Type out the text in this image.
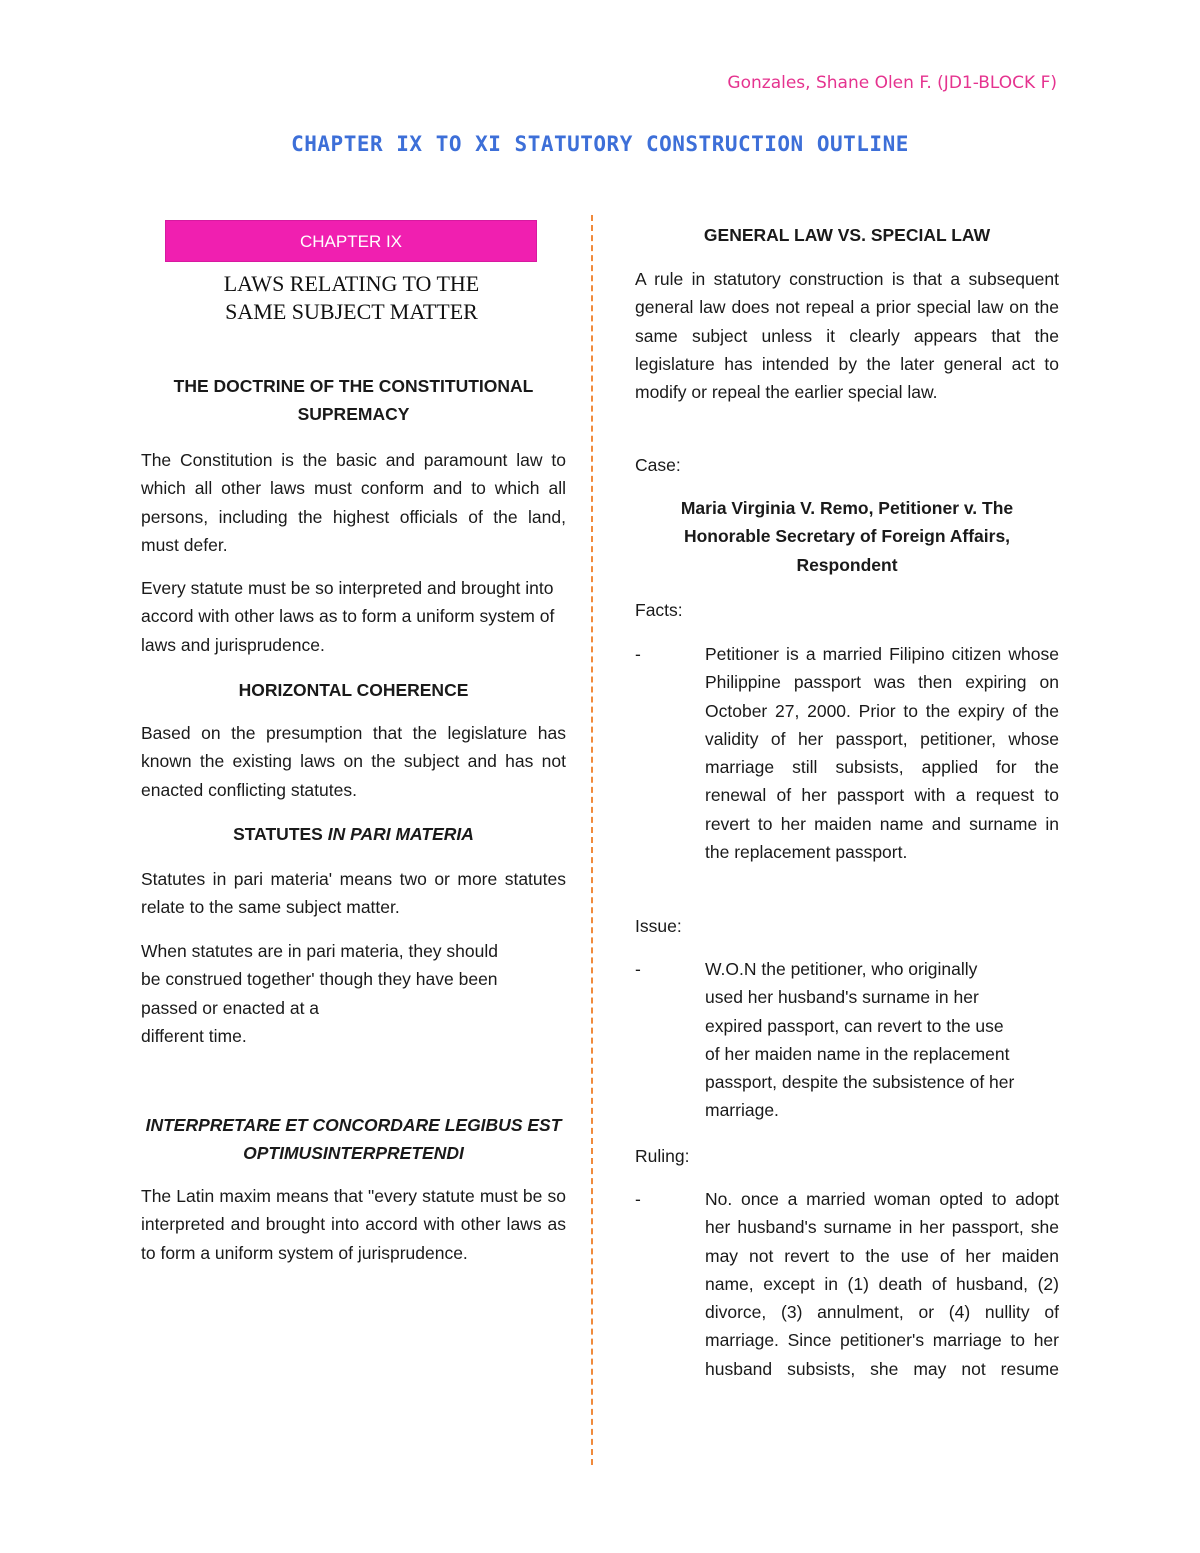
Gonzales, Shane Olen F. (JD1-BLOCK F)
CHAPTER IX TO XI STATUTORY CONSTRUCTION OUTLINE
CHAPTER IX
LAWS RELATING TO THE
SAME SUBJECT MATTER
THE DOCTRINE OF THE CONSTITUTIONAL
SUPREMACY

The Constitution is the basic and paramount law to which all other laws must conform and to which all persons, including the highest officials of the land, must defer.

Every statute must be so interpreted and brought into accord with other laws as to form a uniform system of laws and jurisprudence.

HORIZONTAL COHERENCE

Based on the presumption that the legislature has known the existing laws on the subject and has not enacted conflicting statutes.

STATUTES IN PARI MATERIA

Statutes in pari materia' means two or more statutes relate to the same subject matter.

When statutes are in pari materia, they should
be construed together' though they have been
passed or enacted at a
different time.
INTERPRETARE ET CONCORDARE LEGIBUS EST
OPTIMUSINTERPRETENDI

The Latin maxim means that "every statute must be so interpreted and brought into accord with other laws as to form a uniform system of jurisprudence.

GENERAL LAW VS. SPECIAL LAW

A rule in statutory construction is that a subsequent general law does not repeal a prior special law on the same subject unless it clearly appears that the legislature has intended by the later general act to modify or repeal the earlier special law.

Case:
Maria Virginia V. Remo, Petitioner v. The
Honorable Secretary of Foreign Affairs,
Respondent
Facts:
-	Petitioner is a married Filipino citizen whose Philippine passport was then expiring on October 27, 2000. Prior to the expiry of the validity of her passport, petitioner, whose marriage still subsists, applied for the renewal of her passport with a request to revert to her maiden name and surname in the replacement passport.

Issue:
-	W.O.N the petitioner, who originally
used her husband's surname in her
expired passport, can revert to the use
of her maiden name in the replacement
passport, despite the subsistence of her
marriage.
Ruling:
-	No. once a married woman opted to adopt her husband's surname in her passport, she may not revert to the use of her maiden name, except in (1) death of husband, (2) divorce, (3) annulment, or (4) nullity of marriage. Since petitioner's marriage to her husband subsists, she may not resume
